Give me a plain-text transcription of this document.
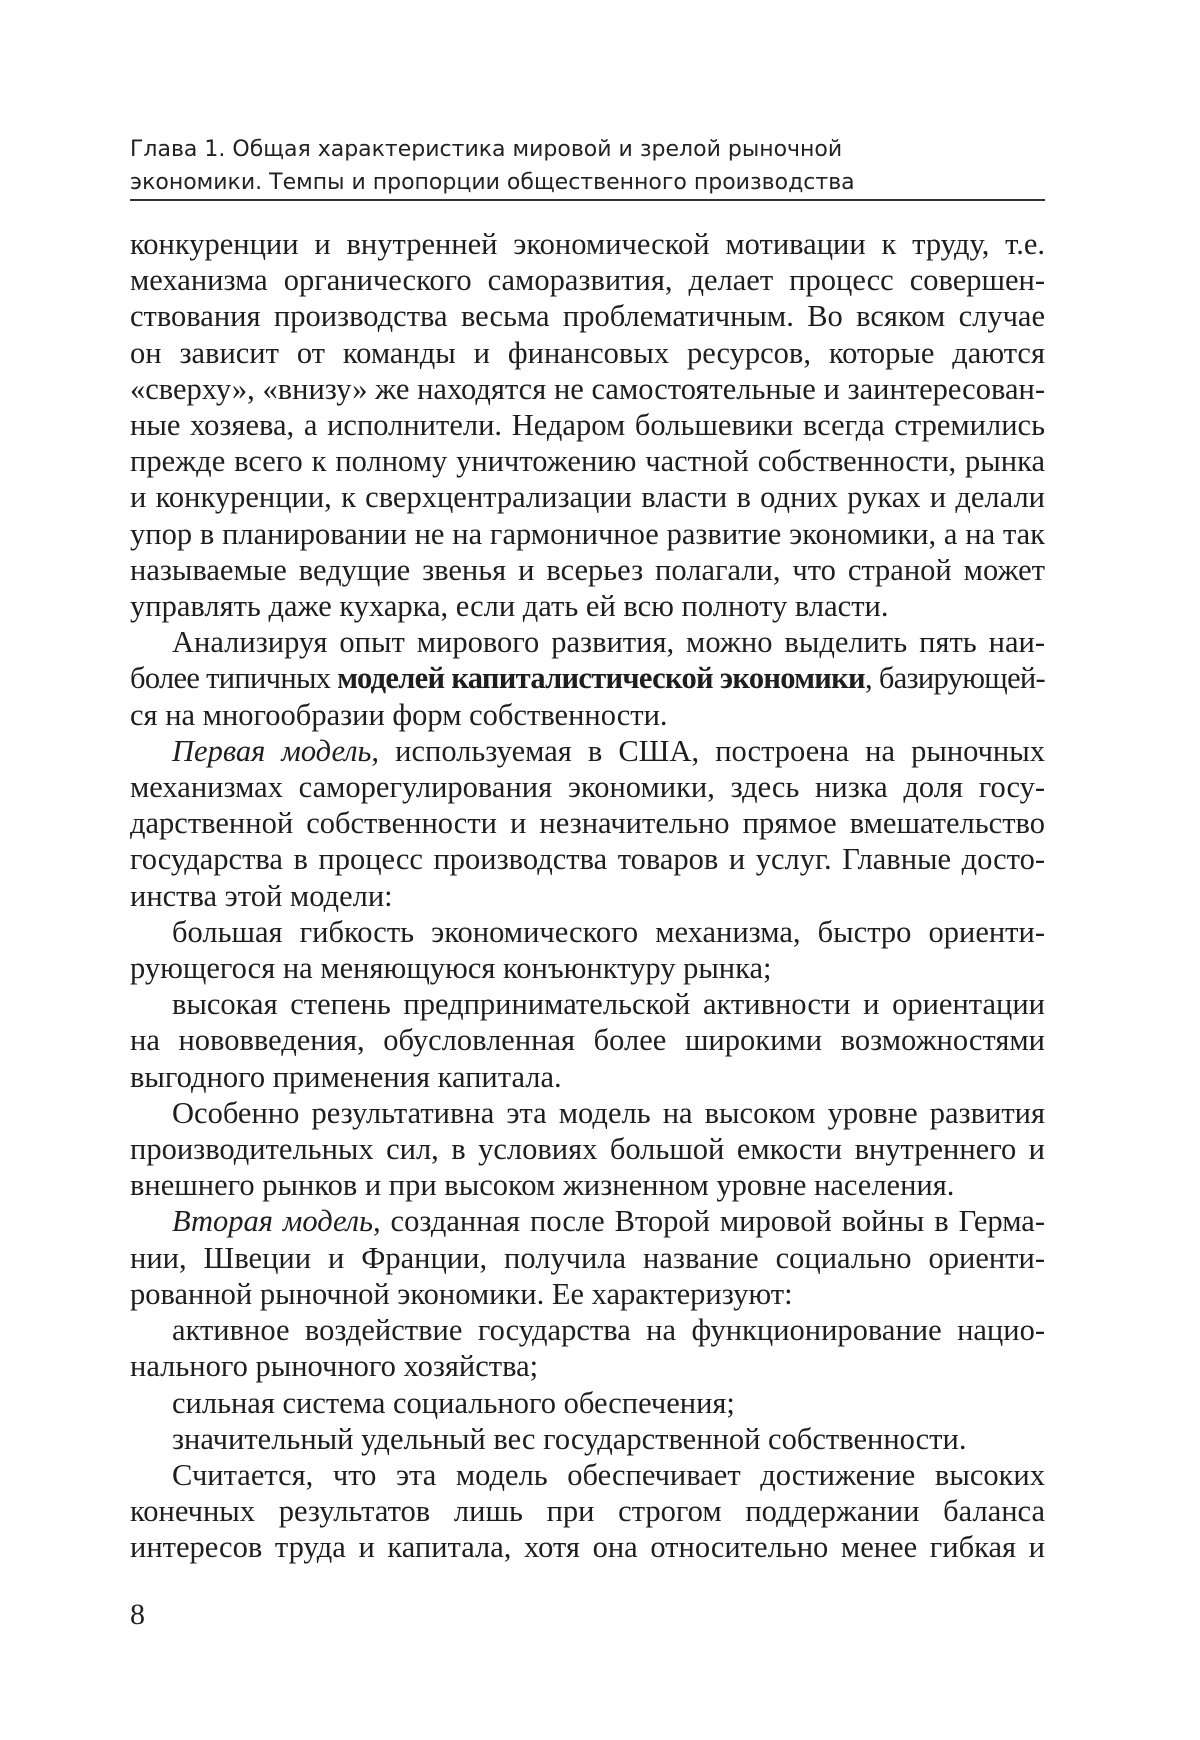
Глава 1. Общая характеристика мировой и зрелой рыночной
экономики. Темпы и пропорции общественного производства
конкуренции и внутренней экономической мотивации к труду, т.е.
механизма органического саморазвития, делает процесс совершен-
ствования производства весьма проблематичным. Во всяком случае
он зависит от команды и финансовых ресурсов, которые даются
«сверху», «внизу» же находятся не самостоятельные и заинтересован-
ные хозяева, а исполнители. Недаром большевики всегда стремились
прежде всего к полному уничтожению частной собственности, рынка
и конкуренции, к сверхцентрализации власти в одних руках и делали
упор в планировании не на гармоничное развитие экономики, а на так
называемые ведущие звенья и всерьез полагали, что страной может
управлять даже кухарка, если дать ей всю полноту власти.
Анализируя опыт мирового развития, можно выделить пять наи-
более типичных моделей капиталистической экономики, базирующей-
ся на многообразии форм собственности.
Первая модель, используемая в США, построена на рыночных
механизмах саморегулирования экономики, здесь низка доля госу-
дарственной собственности и незначительно прямое вмешательство
государства в процесс производства товаров и услуг. Главные досто-
инства этой модели:
большая гибкость экономического механизма, быстро ориенти-
рующегося на меняющуюся конъюнктуру рынка;
высокая степень предпринимательской активности и ориентации
на нововведения, обусловленная более широкими возможностями
выгодного применения капитала.
Особенно результативна эта модель на высоком уровне развития
производительных сил, в условиях большой емкости внутреннего и
внешнего рынков и при высоком жизненном уровне населения.
Вторая модель, созданная после Второй мировой войны в Герма-
нии, Швеции и Франции, получила название социально ориенти-
рованной рыночной экономики. Ее характеризуют:
активное воздействие государства на функционирование нацио-
нального рыночного хозяйства;
сильная система социального обеспечения;
значительный удельный вес государственной собственности.
Считается, что эта модель обеспечивает достижение высоких
конечных результатов лишь при строгом поддержании баланса
интересов труда и капитала, хотя она относительно менее гибкая и
8
